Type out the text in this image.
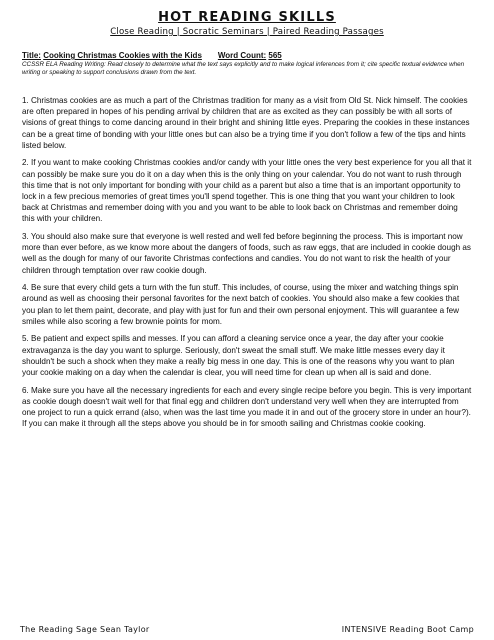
HOT READING SKILLS
Close Reading | Socratic Seminars | Paired Reading Passages
Title: Cooking Christmas Cookies with the Kids Word Count: 565
CCSSR ELA Reading Writing: Read closely to determine what the text says explicitly and to make logical inferences from it; cite specific textual evidence when writing or speaking to support conclusions drawn from the text.

1. Christmas cookies are as much a part of the Christmas tradition for many as a visit from Old St. Nick himself. The cookies are often prepared in hopes of his pending arrival by children that are as excited as they can possibly be with all sorts of visions of great things to come dancing around in their bright and shining little eyes. Preparing the cookies in these instances can be a great time of bonding with your little ones but can also be a trying time if you don't follow a few of the tips and hints listed below.

2. If you want to make cooking Christmas cookies and/or candy with your little ones the very best experience for you all that it can possibly be make sure you do it on a day when this is the only thing on your calendar. You do not want to rush through this time that is not only important for bonding with your child as a parent but also a time that is an important opportunity to lock in a few precious memories of great times you'll spend together. This is one thing that you want your children to look back at Christmas and remember doing with you and you want to be able to look back on Christmas and remember doing this with your children.

3. You should also make sure that everyone is well rested and well fed before beginning the process. This is important now more than ever before, as we know more about the dangers of foods, such as raw eggs, that are included in cookie dough as well as the dough for many of our favorite Christmas confections and candies. You do not want to risk the health of your children through temptation over raw cookie dough.

4. Be sure that every child gets a turn with the fun stuff. This includes, of course, using the mixer and watching things spin around as well as choosing their personal favorites for the next batch of cookies. You should also make a few cookies that you plan to let them paint, decorate, and play with just for fun and their own personal enjoyment. This will guarantee a few smiles while also scoring a few brownie points for mom.

5. Be patient and expect spills and messes. If you can afford a cleaning service once a year, the day after your cookie extravaganza is the day you want to splurge. Seriously, don't sweat the small stuff. We make little messes every day it shouldn't be such a shock when they make a really big mess in one day. This is one of the reasons why you want to plan your cookie making on a day when the calendar is clear, you will need time for clean up when all is said and done.

6. Make sure you have all the necessary ingredients for each and every single recipe before you begin. This is very important as cookie dough doesn't wait well for that final egg and children don't understand very well when they are interrupted from one project to run a quick errand (also, when was the last time you made it in and out of the grocery store in under an hour?). If you can make it through all the steps above you should be in for smooth sailing and Christmas cookie cooking.

The Reading Sage Sean Taylor	INTENSIVE Reading Boot Camp
